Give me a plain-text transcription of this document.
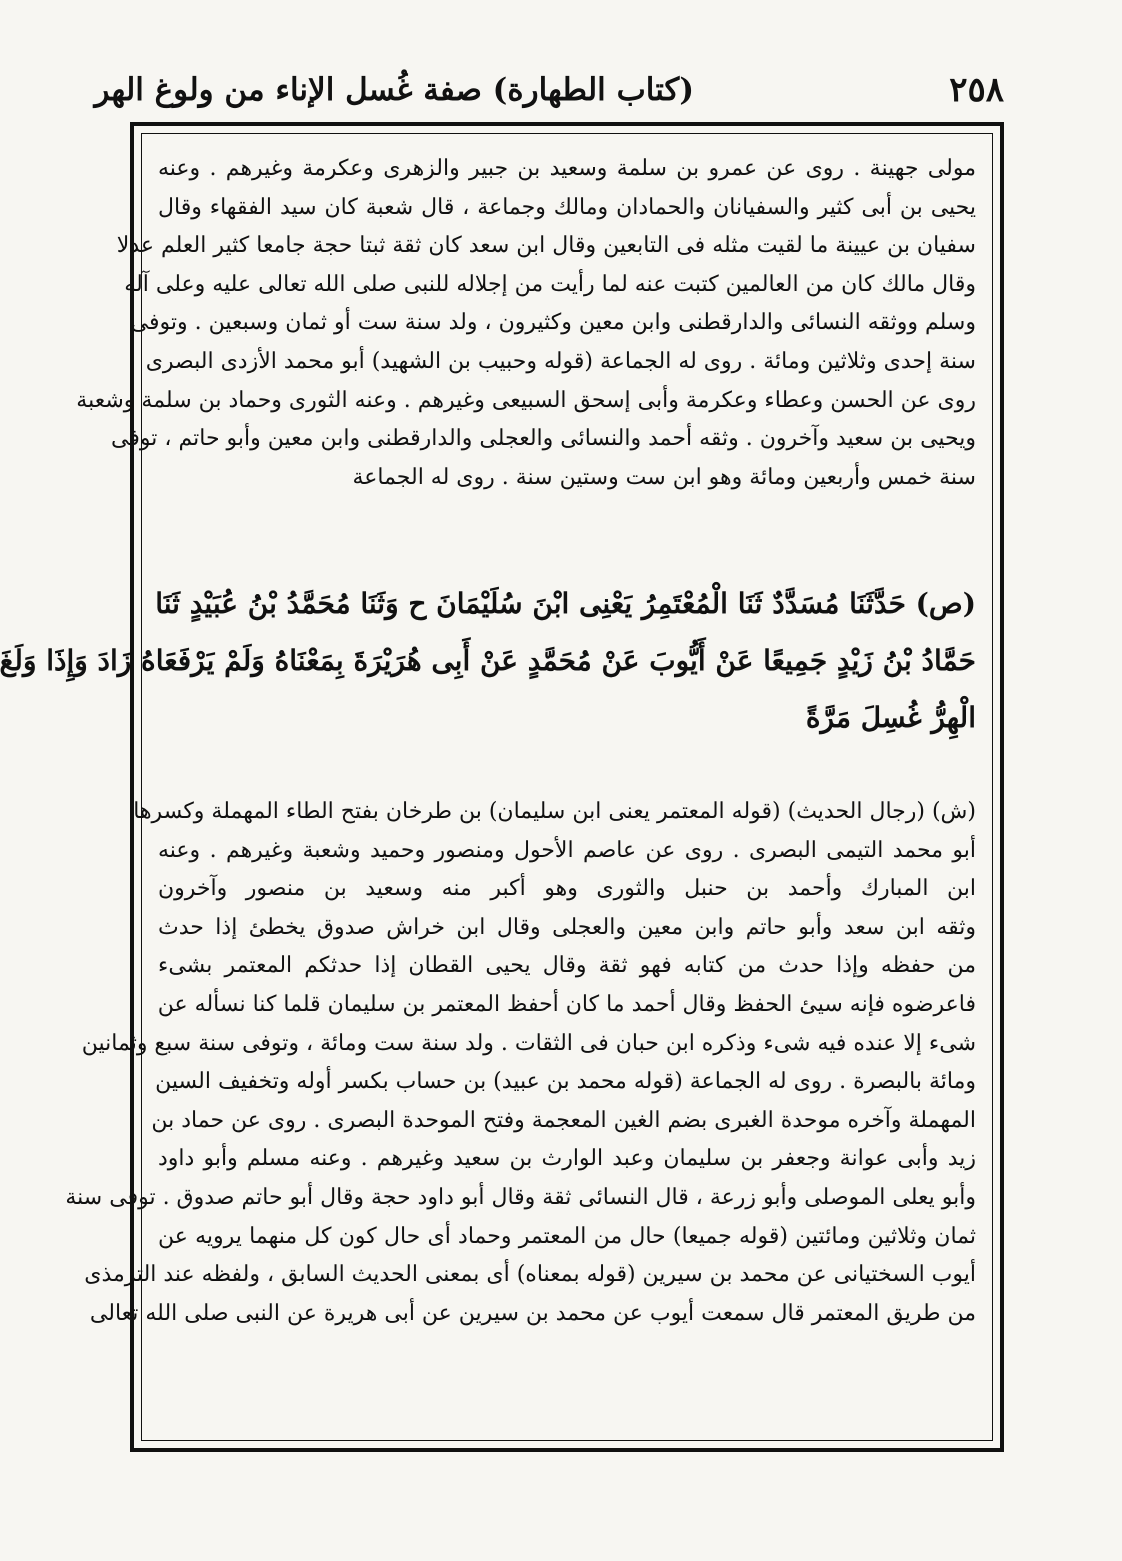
٢٥٨
(كتاب الطهارة) صفة غُسل الإناء من ولوغ الهر
مولى جهينة . روى عن عمرو بن سلمة وسعيد بن جبير والزهرى وعكرمة وغيرهم . وعنه
يحيى بن أبى كثير والسفيانان والحمادان ومالك وجماعة ، قال شعبة كان سيد الفقهاء وقال
سفيان بن عيينة ما لقيت مثله فى التابعين وقال ابن سعد كان ثقة ثبتا حجة جامعا كثير العلم عدلا
وقال مالك كان من العالمين كتبت عنه لما رأيت من إجلاله للنبى صلى الله تعالى عليه وعلى آله
وسلم ووثقه النسائى والدارقطنى وابن معين وكثيرون ، ولد سنة ست أو ثمان وسبعين . وتوفى
سنة إحدى وثلاثين ومائة . روى له الجماعة (قوله وحبيب بن الشهيد) أبو محمد الأزدى البصرى
روى عن الحسن وعطاء وعكرمة وأبى إسحق السبيعى وغيرهم . وعنه الثورى وحماد بن سلمة وشعبة
ويحيى بن سعيد وآخرون . وثقه أحمد والنسائى والعجلى والدارقطنى وابن معين وأبو حاتم ، توفى
سنة خمس وأربعين ومائة وهو ابن ست وستين سنة . روى له الجماعة
(ص) حَدَّثَنَا مُسَدَّدٌ ثَنَا الْمُعْتَمِرُ يَعْنِى ابْنَ سُلَيْمَانَ ح وَثَنَا مُحَمَّدُ بْنُ عُبَيْدٍ ثَنَا
حَمَّادُ بْنُ زَيْدٍ جَمِيعًا عَنْ أَيُّوبَ عَنْ مُحَمَّدٍ عَنْ أَبِى هُرَيْرَةَ بِمَعْنَاهُ وَلَمْ يَرْفَعَاهُ زَادَ وَإِذَا وَلَغَ
الْهِرُّ غُسِلَ مَرَّةً
(ش) (رجال الحديث) (قوله المعتمر يعنى ابن سليمان) بن طرخان بفتح الطاء المهملة وكسرها
أبو محمد التيمى البصرى . روى عن عاصم الأحول ومنصور وحميد وشعبة وغيرهم . وعنه
ابن المبارك وأحمد بن حنبل والثورى وهو أكبر منه وسعيد بن منصور وآخرون
وثقه ابن سعد وأبو حاتم وابن معين والعجلى وقال ابن خراش صدوق يخطئ إذا حدث
من حفظه وإذا حدث من كتابه فهو ثقة وقال يحيى القطان إذا حدثكم المعتمر بشىء
فاعرضوه فإنه سيئ الحفظ وقال أحمد ما كان أحفظ المعتمر بن سليمان قلما كنا نسأله عن
شىء إلا عنده فيه شىء وذكره ابن حبان فى الثقات . ولد سنة ست ومائة ، وتوفى سنة سبع وثمانين
ومائة بالبصرة . روى له الجماعة (قوله محمد بن عبيد) بن حساب بكسر أوله وتخفيف السين
المهملة وآخره موحدة الغبرى بضم الغين المعجمة وفتح الموحدة البصرى . روى عن حماد بن
زيد وأبى عوانة وجعفر بن سليمان وعبد الوارث بن سعيد وغيرهم . وعنه مسلم وأبو داود
وأبو يعلى الموصلى وأبو زرعة ، قال النسائى ثقة وقال أبو داود حجة وقال أبو حاتم صدوق . توفى سنة
ثمان وثلاثين ومائتين (قوله جميعا) حال من المعتمر وحماد أى حال كون كل منهما يرويه عن
أيوب السختيانى عن محمد بن سيرين (قوله بمعناه) أى بمعنى الحديث السابق ، ولفظه عند الترمذى
من طريق المعتمر قال سمعت أيوب عن محمد بن سيرين عن أبى هريرة عن النبى صلى الله تعالى
